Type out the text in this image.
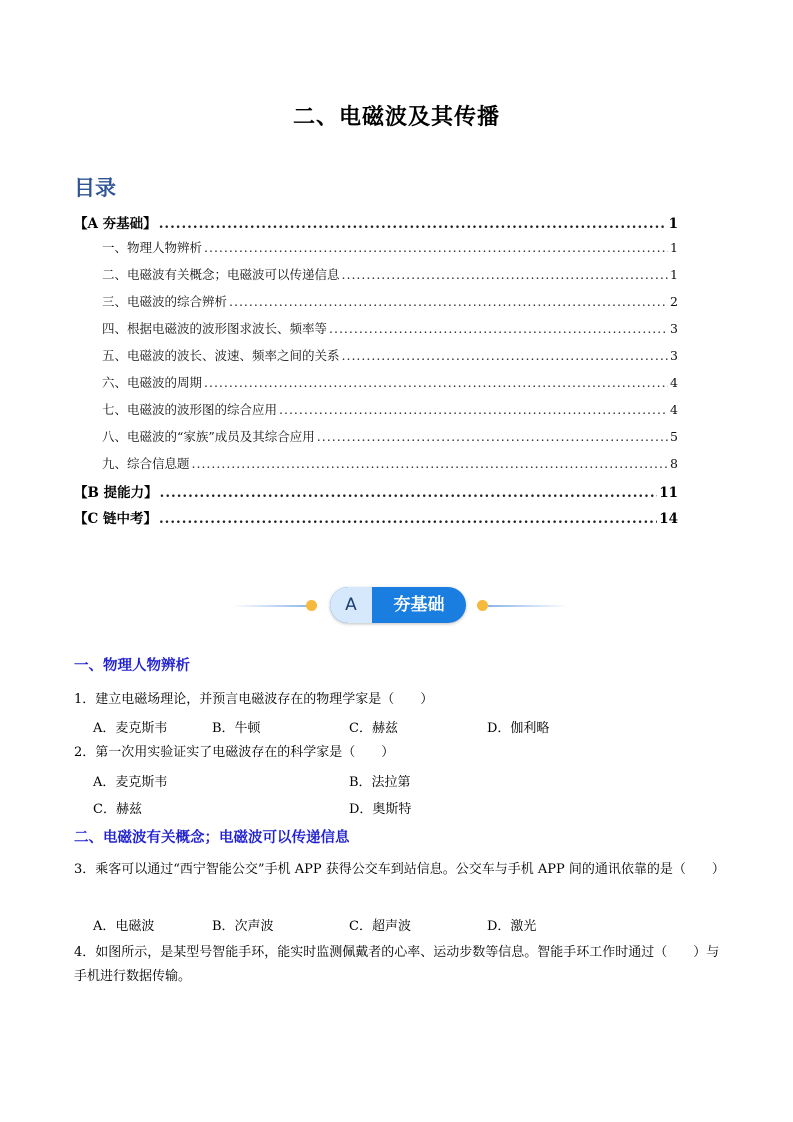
二、电磁波及其传播
目录
【A 夯基础】 .....	1
一、物理人物辨析 .....	1
二、电磁波有关概念；电磁波可以传递信息 .....	1
三、电磁波的综合辨析 .....	2
四、根据电磁波的波形图求波长、频率等 .....	3
五、电磁波的波长、波速、频率之间的关系 .....	3
六、电磁波的周期 .....	4
七、电磁波的波形图的综合应用 .....	4
八、电磁波的“家族”成员及其综合应用 .....	5
九、综合信息题 .....	8
【B 提能力】 .....	11
【C 链中考】 .....	14
A	夯基础
一、物理人物辨析
1．建立电磁场理论，并预言电磁波存在的物理学家是（　　）
A．麦克斯韦	B．牛顿	C．赫兹	D．伽利略
2．第一次用实验证实了电磁波存在的科学家是（　　）
A．麦克斯韦	B．法拉第
C．赫兹	D．奥斯特
二、电磁波有关概念；电磁波可以传递信息
3．乘客可以通过“西宁智能公交”手机 APP 获得公交车到站信息。公交车与手机 APP 间的通讯依靠的是（　　）
A．电磁波	B．次声波	C．超声波	D．激光
4．如图所示，是某型号智能手环，能实时监测佩戴者的心率、运动步数等信息。智能手环工作时通过（　　）与手机进行数据传输。
